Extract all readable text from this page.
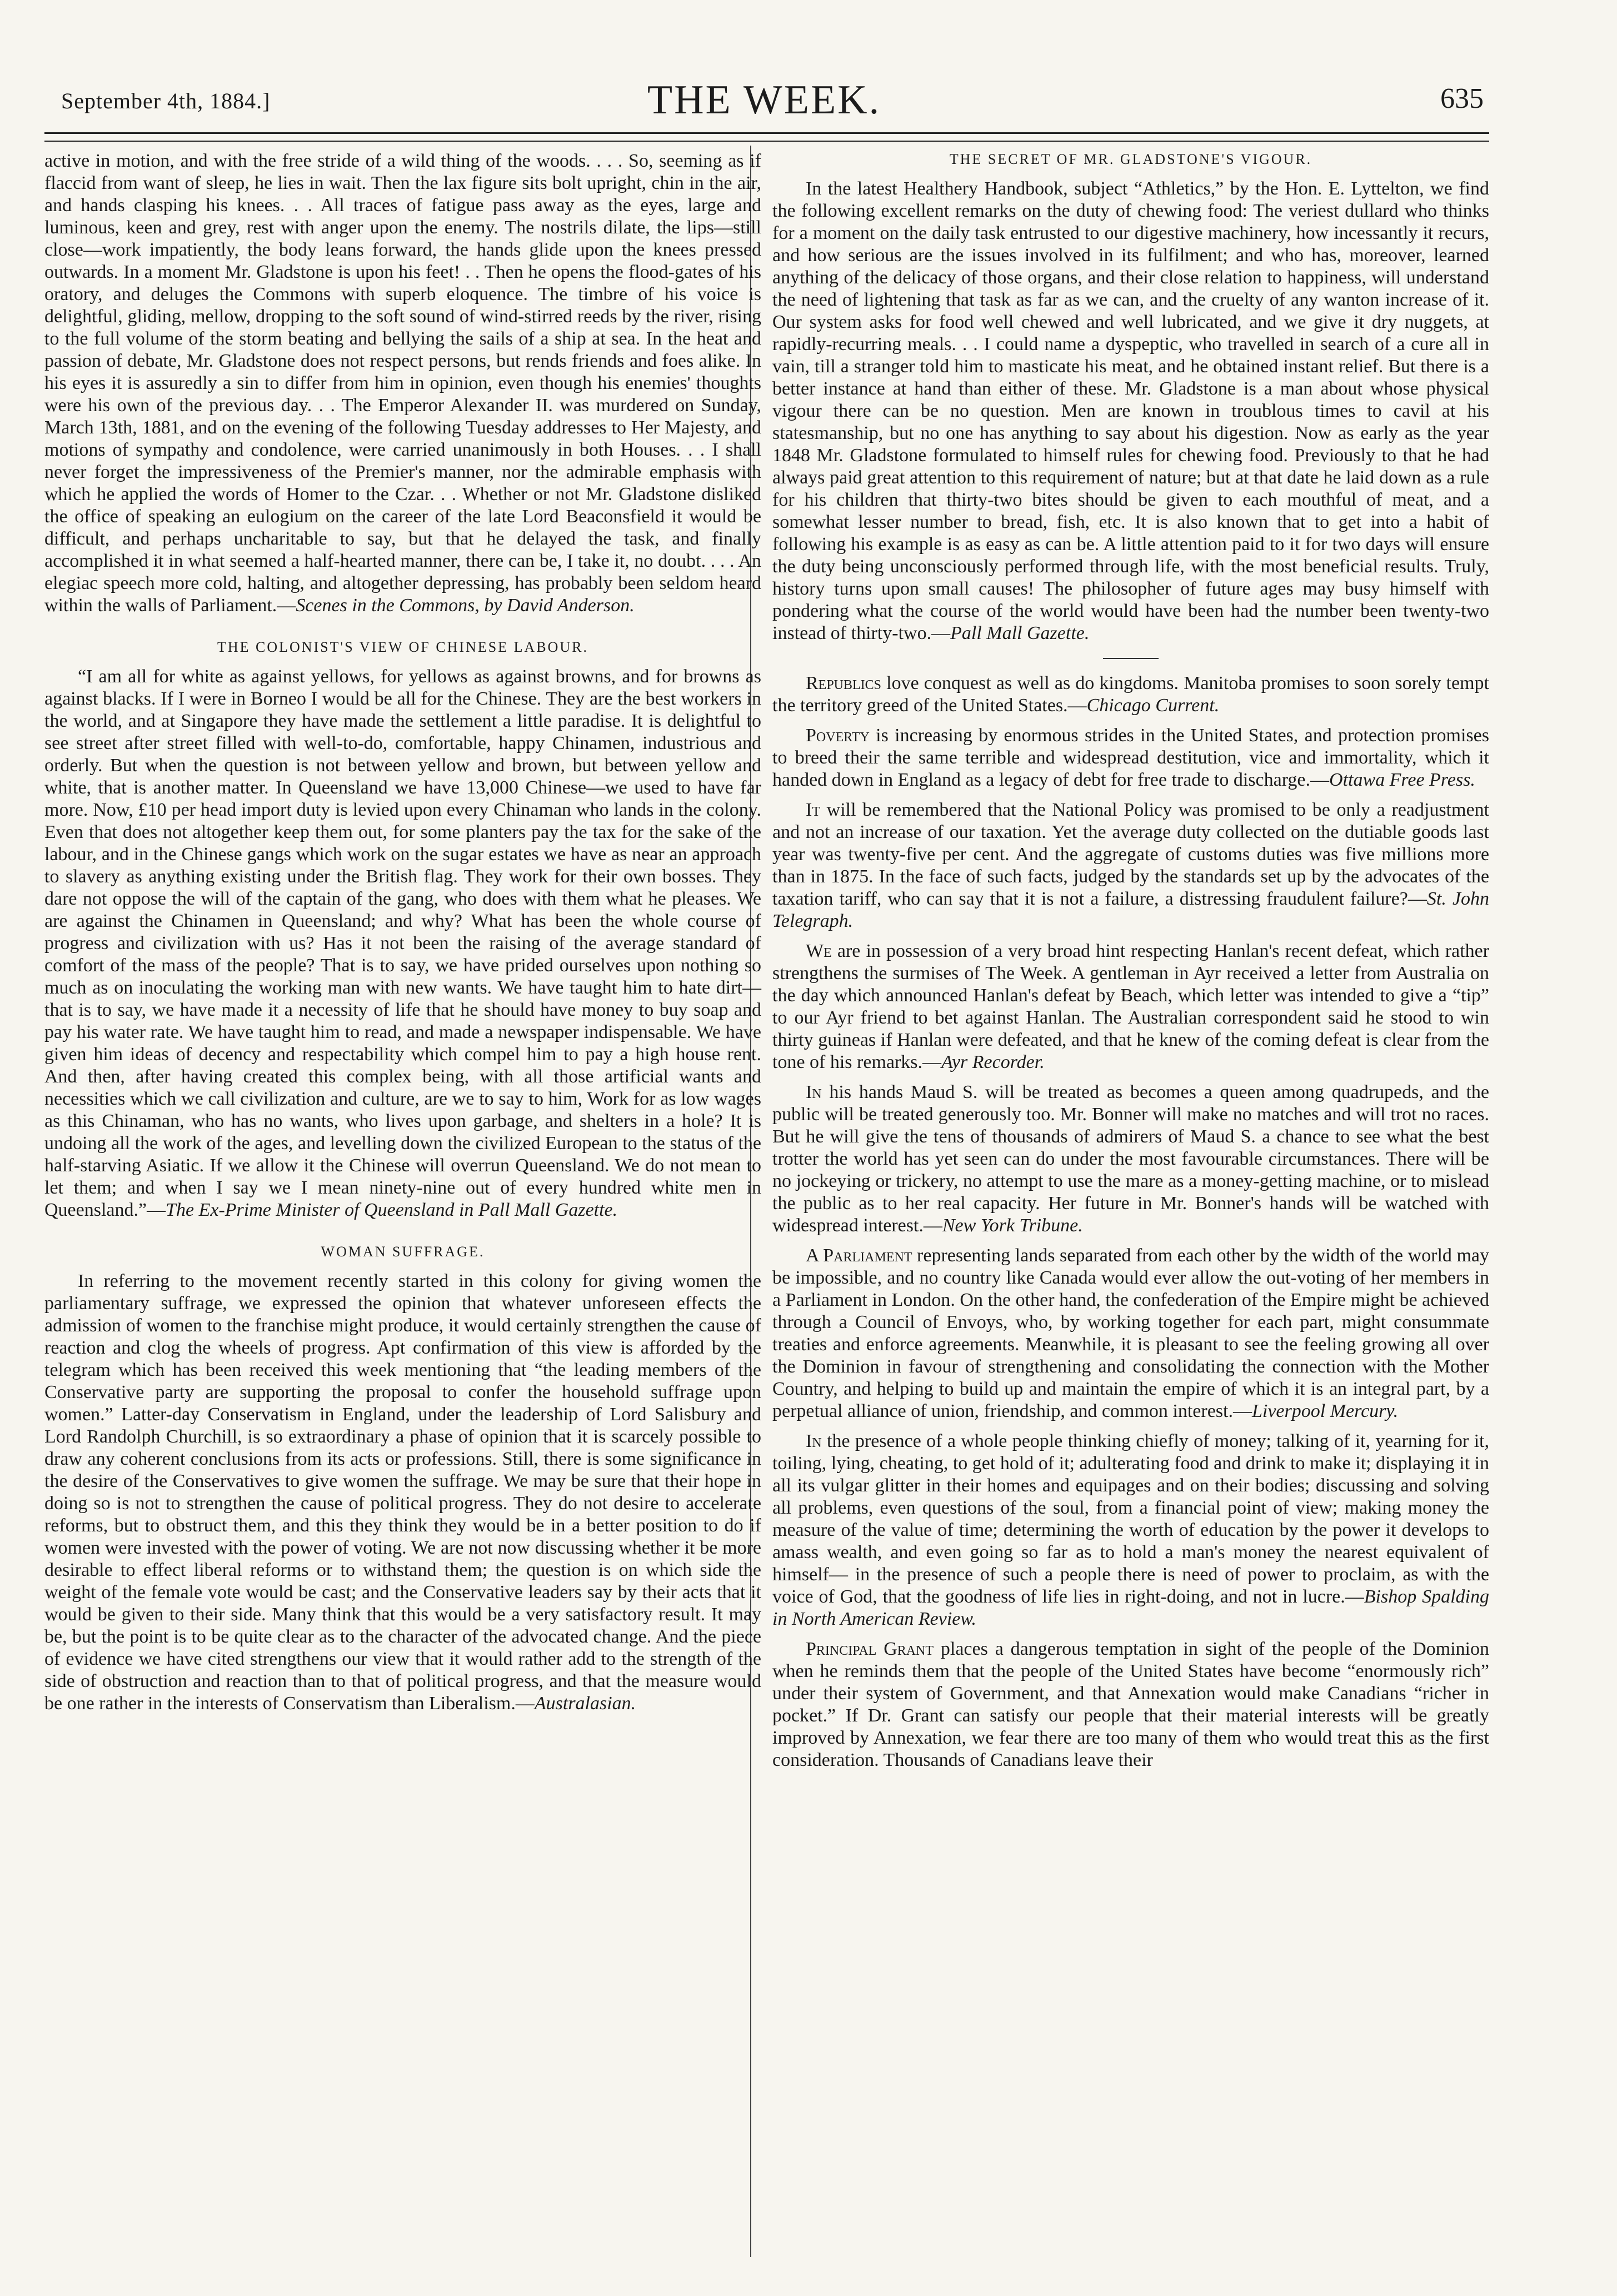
September 4th, 1884.]	THE WEEK.	635

active in motion, and with the free stride of a wild thing of the woods. . . . So, seeming as if flaccid from want of sleep, he lies in wait. Then the lax figure sits bolt upright, chin in the air, and hands clasping his knees. . . All traces of fatigue pass away as the eyes, large and luminous, keen and grey, rest with anger upon the enemy. The nostrils dilate, the lips—still close—work impatiently, the body leans forward, the hands glide upon the knees pressed outwards. In a moment Mr. Gladstone is upon his feet! . . Then he opens the flood-gates of his oratory, and deluges the Commons with superb eloquence. The timbre of his voice is delightful, gliding, mellow, dropping to the soft sound of wind-stirred reeds by the river, rising to the full volume of the storm beating and bellying the sails of a ship at sea. In the heat and passion of debate, Mr. Gladstone does not respect persons, but rends friends and foes alike. In his eyes it is assuredly a sin to differ from him in opinion, even though his enemies' thoughts were his own of the previous day. . . The Emperor Alexander II. was murdered on Sunday, March 13th, 1881, and on the evening of the following Tuesday addresses to Her Majesty, and motions of sympathy and condolence, were carried unanimously in both Houses. . . I shall never forget the impressiveness of the Premier's manner, nor the admirable emphasis with which he applied the words of Homer to the Czar. . . Whether or not Mr. Gladstone disliked the office of speaking an eulogium on the career of the late Lord Beaconsfield it would be difficult, and perhaps uncharitable to say, but that he delayed the task, and finally accomplished it in what seemed a half-hearted manner, there can be, I take it, no doubt. . . . An elegiac speech more cold, halting, and altogether depressing, has probably been seldom heard within the walls of Parliament.—Scenes in the Commons, by David Anderson.

THE COLONIST'S VIEW OF CHINESE LABOUR.

“I am all for white as against yellows, for yellows as against browns, and for browns as against blacks. If I were in Borneo I would be all for the Chinese. They are the best workers in the world, and at Singapore they have made the settlement a little paradise. It is delightful to see street after street filled with well-to-do, comfortable, happy Chinamen, industrious and orderly. But when the question is not between yellow and brown, but between yellow and white, that is another matter. In Queensland we have 13,000 Chinese—we used to have far more. Now, £10 per head import duty is levied upon every Chinaman who lands in the colony. Even that does not altogether keep them out, for some planters pay the tax for the sake of the labour, and in the Chinese gangs which work on the sugar estates we have as near an approach to slavery as anything existing under the British flag. They work for their own bosses. They dare not oppose the will of the captain of the gang, who does with them what he pleases. We are against the Chinamen in Queensland; and why? What has been the whole course of progress and civilization with us? Has it not been the raising of the average standard of comfort of the mass of the people? That is to say, we have prided ourselves upon nothing so much as on inoculating the working man with new wants. We have taught him to hate dirt—that is to say, we have made it a necessity of life that he should have money to buy soap and pay his water rate. We have taught him to read, and made a newspaper indispensable. We have given him ideas of decency and respectability which compel him to pay a high house rent. And then, after having created this complex being, with all those artificial wants and necessities which we call civilization and culture, are we to say to him, Work for as low wages as this Chinaman, who has no wants, who lives upon garbage, and shelters in a hole? It is undoing all the work of the ages, and levelling down the civilized European to the status of the half-starving Asiatic. If we allow it the Chinese will overrun Queensland. We do not mean to let them; and when I say we I mean ninety-nine out of every hundred white men in Queensland.”—The Ex-Prime Minister of Queensland in Pall Mall Gazette.

WOMAN SUFFRAGE.

In referring to the movement recently started in this colony for giving women the parliamentary suffrage, we expressed the opinion that whatever unforeseen effects the admission of women to the franchise might produce, it would certainly strengthen the cause of reaction and clog the wheels of progress. Apt confirmation of this view is afforded by the telegram which has been received this week mentioning that “the leading members of the Conservative party are supporting the proposal to confer the household suffrage upon women.” Latter-day Conservatism in England, under the leadership of Lord Salisbury and Lord Randolph Churchill, is so extraordinary a phase of opinion that it is scarcely possible to draw any coherent conclusions from its acts or professions. Still, there is some significance in the desire of the Conservatives to give women the suffrage. We may be sure that their hope in doing so is not to strengthen the cause of political progress. They do not desire to accelerate reforms, but to obstruct them, and this they think they would be in a better position to do if women were invested with the power of voting. We are not now discussing whether it be more desirable to effect liberal reforms or to withstand them; the question is on which side the weight of the female vote would be cast; and the Conservative leaders say by their acts that it would be given to their side. Many think that this would be a very satisfactory result. It may be, but the point is to be quite clear as to the character of the advocated change. And the piece of evidence we have cited strengthens our view that it would rather add to the strength of the side of obstruction and reaction than to that of political progress, and that the measure would be one rather in the interests of Conservatism than Liberalism.—Australasian.

THE SECRET OF MR. GLADSTONE'S VIGOUR.

In the latest Healthery Handbook, subject “Athletics,” by the Hon. E. Lyttelton, we find the following excellent remarks on the duty of chewing food: The veriest dullard who thinks for a moment on the daily task entrusted to our digestive machinery, how incessantly it recurs, and how serious are the issues involved in its fulfilment; and who has, moreover, learned anything of the delicacy of those organs, and their close relation to happiness, will understand the need of lightening that task as far as we can, and the cruelty of any wanton increase of it. Our system asks for food well chewed and well lubricated, and we give it dry nuggets, at rapidly-recurring meals. . . I could name a dyspeptic, who travelled in search of a cure all in vain, till a stranger told him to masticate his meat, and he obtained instant relief. But there is a better instance at hand than either of these. Mr. Gladstone is a man about whose physical vigour there can be no question. Men are known in troublous times to cavil at his statesmanship, but no one has anything to say about his digestion. Now as early as the year 1848 Mr. Gladstone formulated to himself rules for chewing food. Previously to that he had always paid great attention to this requirement of nature; but at that date he laid down as a rule for his children that thirty-two bites should be given to each mouthful of meat, and a somewhat lesser number to bread, fish, etc. It is also known that to get into a habit of following his example is as easy as can be. A little attention paid to it for two days will ensure the duty being unconsciously performed through life, with the most beneficial results. Truly, history turns upon small causes! The philosopher of future ages may busy himself with pondering what the course of the world would have been had the number been twenty-two instead of thirty-two.—Pall Mall Gazette.

Republics love conquest as well as do kingdoms. Manitoba promises to soon sorely tempt the territory greed of the United States.—Chicago Current.

Poverty is increasing by enormous strides in the United States, and protection promises to breed their the same terrible and widespread destitution, vice and immortality, which it handed down in England as a legacy of debt for free trade to discharge.—Ottawa Free Press.

It will be remembered that the National Policy was promised to be only a readjustment and not an increase of our taxation. Yet the average duty collected on the dutiable goods last year was twenty-five per cent. And the aggregate of customs duties was five millions more than in 1875. In the face of such facts, judged by the standards set up by the advocates of the taxation tariff, who can say that it is not a failure, a distressing fraudulent failure?—St. John Telegraph.

We are in possession of a very broad hint respecting Hanlan's recent defeat, which rather strengthens the surmises of The Week. A gentleman in Ayr received a letter from Australia on the day which announced Hanlan's defeat by Beach, which letter was intended to give a “tip” to our Ayr friend to bet against Hanlan. The Australian correspondent said he stood to win thirty guineas if Hanlan were defeated, and that he knew of the coming defeat is clear from the tone of his remarks.—Ayr Recorder.

In his hands Maud S. will be treated as becomes a queen among quadrupeds, and the public will be treated generously too. Mr. Bonner will make no matches and will trot no races. But he will give the tens of thousands of admirers of Maud S. a chance to see what the best trotter the world has yet seen can do under the most favourable circumstances. There will be no jockeying or trickery, no attempt to use the mare as a money-getting machine, or to mislead the public as to her real capacity. Her future in Mr. Bonner's hands will be watched with widespread interest.—New York Tribune.

A Parliament representing lands separated from each other by the width of the world may be impossible, and no country like Canada would ever allow the out-voting of her members in a Parliament in London. On the other hand, the confederation of the Empire might be achieved through a Council of Envoys, who, by working together for each part, might consummate treaties and enforce agreements. Meanwhile, it is pleasant to see the feeling growing all over the Dominion in favour of strengthening and consolidating the connection with the Mother Country, and helping to build up and maintain the empire of which it is an integral part, by a perpetual alliance of union, friendship, and common interest.—Liverpool Mercury.

In the presence of a whole people thinking chiefly of money; talking of it, yearning for it, toiling, lying, cheating, to get hold of it; adulterating food and drink to make it; displaying it in all its vulgar glitter in their homes and equipages and on their bodies; discussing and solving all problems, even questions of the soul, from a financial point of view; making money the measure of the value of time; determining the worth of education by the power it develops to amass wealth, and even going so far as to hold a man's money the nearest equivalent of himself— in the presence of such a people there is need of power to proclaim, as with the voice of God, that the goodness of life lies in right-doing, and not in lucre.—Bishop Spalding in North American Review.

Principal Grant places a dangerous temptation in sight of the people of the Dominion when he reminds them that the people of the United States have become “enormously rich” under their system of Government, and that Annexation would make Canadians “richer in pocket.” If Dr. Grant can satisfy our people that their material interests will be greatly improved by Annexation, we fear there are too many of them who would treat this as the first consideration. Thousands of Canadians leave their
